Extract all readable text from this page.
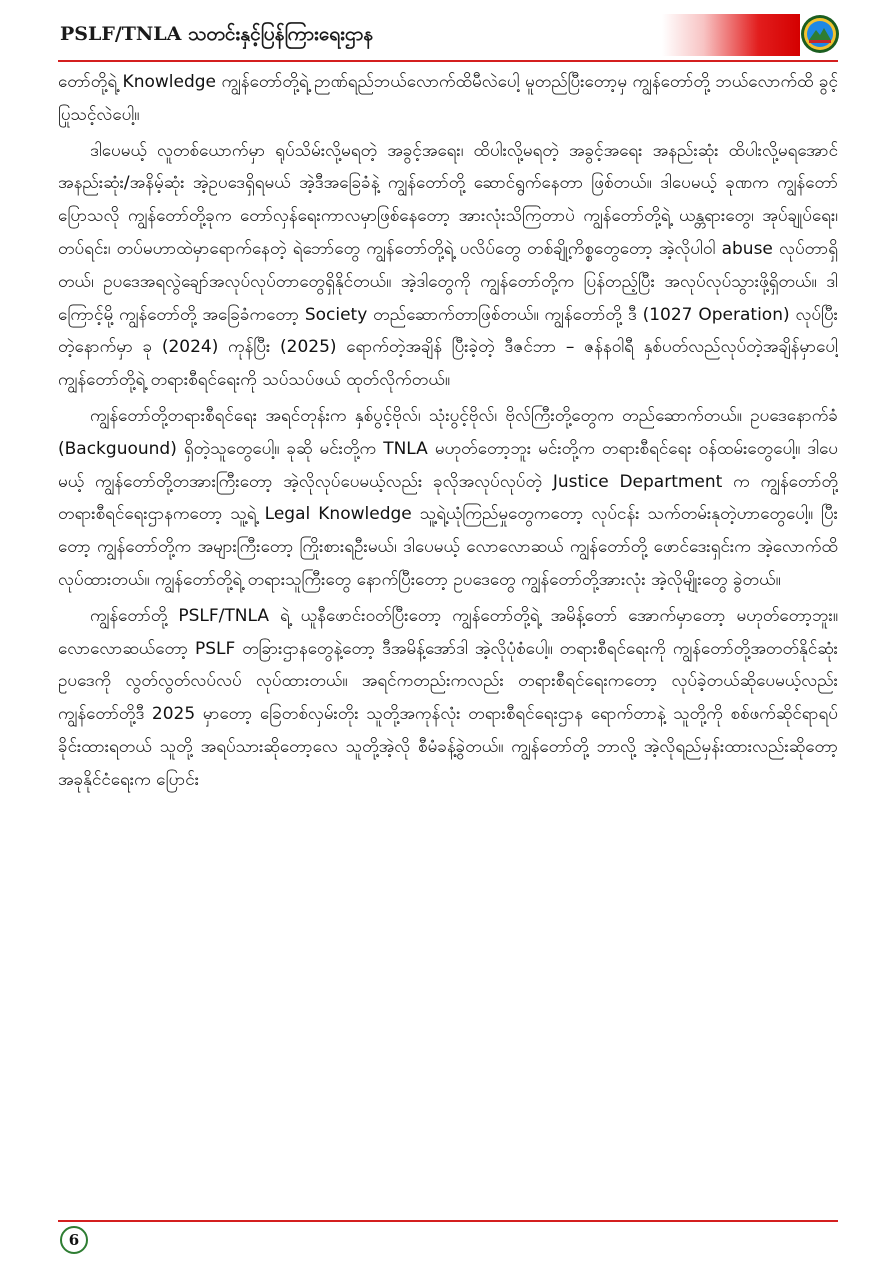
PSLF/TNLA သတင်းနှင့်ပြန်ကြားရေးဌာန

တော်တို့ရဲ့ Knowledge ကျွန်တော်တို့ရဲ့ ဉာဏ်ရည်ဘယ်လောက်ထိမီလဲပေါ့ မူတည်ပြီးတော့မှ ကျွန်တော်တို့ ဘယ်လောက်ထိ ခွင့်ပြုသင့်လဲပေါ့။

ဒါပေမယ့် လူတစ်ယောက်မှာ ရုပ်သိမ်းလို့မရတဲ့ အခွင့်အရေး၊ ထိပါးလို့မရတဲ့ အခွင့်အရေး အနည်းဆုံး ထိပါးလို့မရအောင် အနည်းဆုံး/အနိမ့်ဆုံး အဲ့ဥပဒေရှိရမယ် အဲ့ဒီအခြေခံနဲ့ ကျွန်တော်တို့ ဆောင်ရွက်နေတာ ဖြစ်တယ်။ ဒါပေမယ့် ခုဏက ကျွန်တော်ပြောသလို ကျွန်တော်တို့ခုက တော်လှန်ရေးကာလမှာဖြစ်နေတော့ အားလုံးသိကြတာပဲ ကျွန်တော်တို့ရဲ့ ယန္တရားတွေ၊ အုပ်ချုပ်ရေး၊ တပ်ရင်း၊ တပ်မဟာထဲမှာရောက်နေတဲ့ ရဲဘော်တွေ ကျွန်တော်တို့ရဲ့ ပလိပ်တွေ တစ်ချို့ကိစ္စတွေတော့ အဲ့လိုပါဝါ abuse လုပ်တာရှိတယ်၊ ဥပဒေအရလွဲချော်အလုပ်လုပ်တာတွေရှိနိုင်တယ်။ အဲ့ဒါတွေကို ကျွန်တော်တို့က ပြန်တည့်ပြီး အလုပ်လုပ်သွားဖို့ရှိတယ်။ ဒါကြောင့်မို့ ကျွန်တော်တို့ အခြေခံကတော့ Society တည်ဆောက်တာဖြစ်တယ်။ ကျွန်တော်တို့ ဒီ (1027 Operation) လုပ်ပြီးတဲ့နောက်မှာ ခု (2024) ကုန်ပြီး (2025) ရောက်တဲ့အချိန် ပြီးခဲ့တဲ့ ဒီဇင်ဘာ – ဇန်နဝါရီ နှစ်ပတ်လည်လုပ်တဲ့အချိန်မှာပေါ့ ကျွန်တော်တို့ရဲ့ တရားစီရင်ရေးကို သပ်သပ်ဖယ် ထုတ်လိုက်တယ်။

ကျွန်တော်တို့တရားစီရင်ရေး အရင်တုန်းက နှစ်ပွင့်ဗိုလ်၊ သုံးပွင့်ဗိုလ်၊ ဗိုလ်ကြီးတို့တွေက တည်ဆောက်တယ်။ ဥပဒေနောက်ခံ (Backguound) ရှိတဲ့သူတွေပေါ့။ ခုဆို မင်းတို့က TNLA မဟုတ်တော့ဘူး မင်းတို့က တရားစီရင်ရေး ဝန်ထမ်းတွေပေါ့။ ဒါပေမယ့် ကျွန်တော်တို့တအားကြီးတော့ အဲ့လိုလုပ်ပေမယ့်လည်း ခုလိုအလုပ်လုပ်တဲ့ Justice Department က ကျွန်တော်တို့ တရားစီရင်ရေးဌာနကတော့ သူ့ရဲ့ Legal Knowledge သူ့ရဲ့ယုံကြည်မှုတွေကတော့ လုပ်ငန်း သက်တမ်းနုတဲ့ဟာတွေပေါ့။ ပြီးတော့ ကျွန်တော်တို့က အများကြီးတော့ ကြိုးစားရဦးမယ်၊ ဒါပေမယ့် လောလောဆယ် ကျွန်တော်တို့ ဖောင်ဒေးရှင်းက အဲ့လောက်ထိလုပ်ထားတယ်။ ကျွန်တော်တို့ရဲ့ တရားသူကြီးတွေ နောက်ပြီးတော့ ဥပဒေတွေ ကျွန်တော်တို့အားလုံး အဲ့လိုမျိုးတွေ ခွဲတယ်။

ကျွန်တော်တို့ PSLF/TNLA ရဲ့ ယူနီဖောင်းဝတ်ပြီးတော့ ကျွန်တော်တို့ရဲ့ အမိန့်တော် အောက်မှာတော့ မဟုတ်တော့ဘူး။ လောလောဆယ်တော့ PSLF တခြားဌာနတွေနဲ့တော့ ဒီအမိန့်အော်ဒါ အဲ့လိုပုံစံပေါ့။ တရားစီရင်ရေးကို ကျွန်တော်တို့အတတ်နိုင်ဆုံး ဥပဒေကို လွတ်လွတ်လပ်လပ် လုပ်ထားတယ်။ အရင်ကတည်းကလည်း တရားစီရင်ရေးကတော့ လုပ်ခဲ့တယ်ဆိုပေမယ့်လည်း ကျွန်တော်တို့ဒီ 2025 မှာတော့ ခြေတစ်လှမ်းတိုး သူတို့အကုန်လုံး တရားစီရင်ရေးဌာန ရောက်တာနဲ့ သူတို့ကို စစ်ဖက်ဆိုင်ရာရပ်ခိုင်းထားရတယ် သူတို့ အရပ်သားဆိုတော့လေ သူတို့အဲ့လို စီမံခန့်ခွဲတယ်။ ကျွန်တော်တို့ ဘာလို့ အဲ့လိုရည်မှန်းထားလည်းဆိုတော့ အခုနိုင်ငံရေးက ပြောင်း

6
